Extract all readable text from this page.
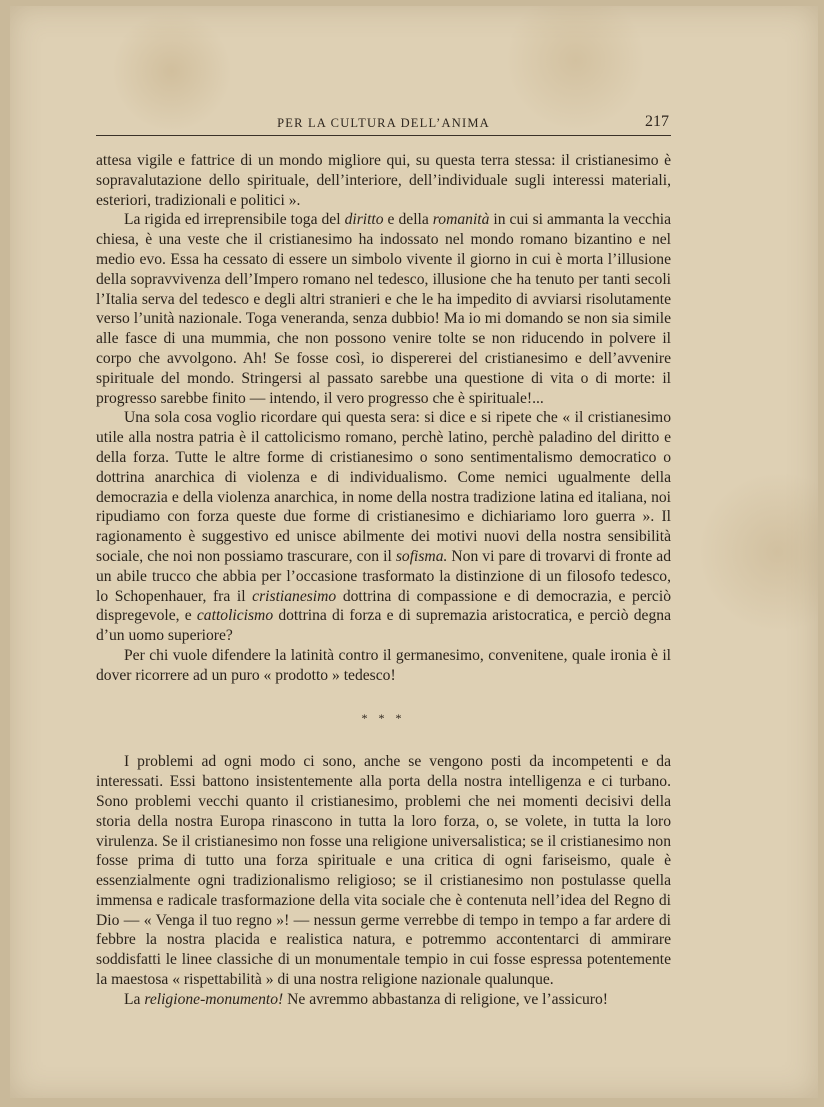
PER LA CULTURA DELL’ANIMA	217

attesa vigile e fattrice di un mondo migliore qui, su questa terra stessa: il cristianesimo è sopravalutazione dello spirituale, dell’interiore, dell’individuale sugli interessi materiali, esteriori, tradizionali e politici ».

La rigida ed irreprensibile toga del diritto e della romanità in cui si ammanta la vecchia chiesa, è una veste che il cristianesimo ha indossato nel mondo romano bizantino e nel medio evo. Essa ha cessato di essere un simbolo vivente il giorno in cui è morta l’illusione della sopravvivenza dell’Impero romano nel tedesco, illusione che ha tenuto per tanti secoli l’Italia serva del tedesco e degli altri stranieri e che le ha impedito di avviarsi risolutamente verso l’unità nazionale. Toga veneranda, senza dubbio! Ma io mi domando se non sia simile alle fasce di una mummia, che non possono venire tolte se non riducendo in polvere il corpo che avvolgono. Ah! Se fosse così, io dispererei del cristianesimo e dell’avvenire spirituale del mondo. Stringersi al passato sarebbe una questione di vita o di morte: il progresso sarebbe finito — intendo, il vero progresso che è spirituale!...

Una sola cosa voglio ricordare qui questa sera: si dice e si ripete che « il cristianesimo utile alla nostra patria è il cattolicismo romano, perchè latino, perchè paladino del diritto e della forza. Tutte le altre forme di cristianesimo o sono sentimentalismo democratico o dottrina anarchica di violenza e di individualismo. Come nemici ugualmente della democrazia e della violenza anarchica, in nome della nostra tradizione latina ed italiana, noi ripudiamo con forza queste due forme di cristianesimo e dichiariamo loro guerra ». Il ragionamento è suggestivo ed unisce abilmente dei motivi nuovi della nostra sensibilità sociale, che noi non possiamo trascurare, con il sofisma. Non vi pare di trovarvi di fronte ad un abile trucco che abbia per l’occasione trasformato la distinzione di un filosofo tedesco, lo Schopenhauer, fra il cristianesimo dottrina di compassione e di democrazia, e perciò dispregevole, e cattolicismo dottrina di forza e di supremazia aristocratica, e perciò degna d’un uomo superiore?

Per chi vuole difendere la latinità contro il germanesimo, convenitene, quale ironia è il dover ricorrere ad un puro « prodotto » tedesco!

* * *

I problemi ad ogni modo ci sono, anche se vengono posti da incompetenti e da interessati. Essi battono insistentemente alla porta della nostra intelligenza e ci turbano. Sono problemi vecchi quanto il cristianesimo, problemi che nei momenti decisivi della storia della nostra Europa rinascono in tutta la loro forza, o, se volete, in tutta la loro virulenza. Se il cristianesimo non fosse una religione universalistica; se il cristianesimo non fosse prima di tutto una forza spirituale e una critica di ogni fariseismo, quale è essenzialmente ogni tradizionalismo religioso; se il cristianesimo non postulasse quella immensa e radicale trasformazione della vita sociale che è contenuta nell’idea del Regno di Dio — « Venga il tuo regno »! — nessun germe verrebbe di tempo in tempo a far ardere di febbre la nostra placida e realistica natura, e potremmo accontentarci di ammirare soddisfatti le linee classiche di un monumentale tempio in cui fosse espressa potentemente la maestosa « rispettabilità » di una nostra religione nazionale qualunque.

La religione-monumento! Ne avremmo abbastanza di religione, ve l’assicuro!
